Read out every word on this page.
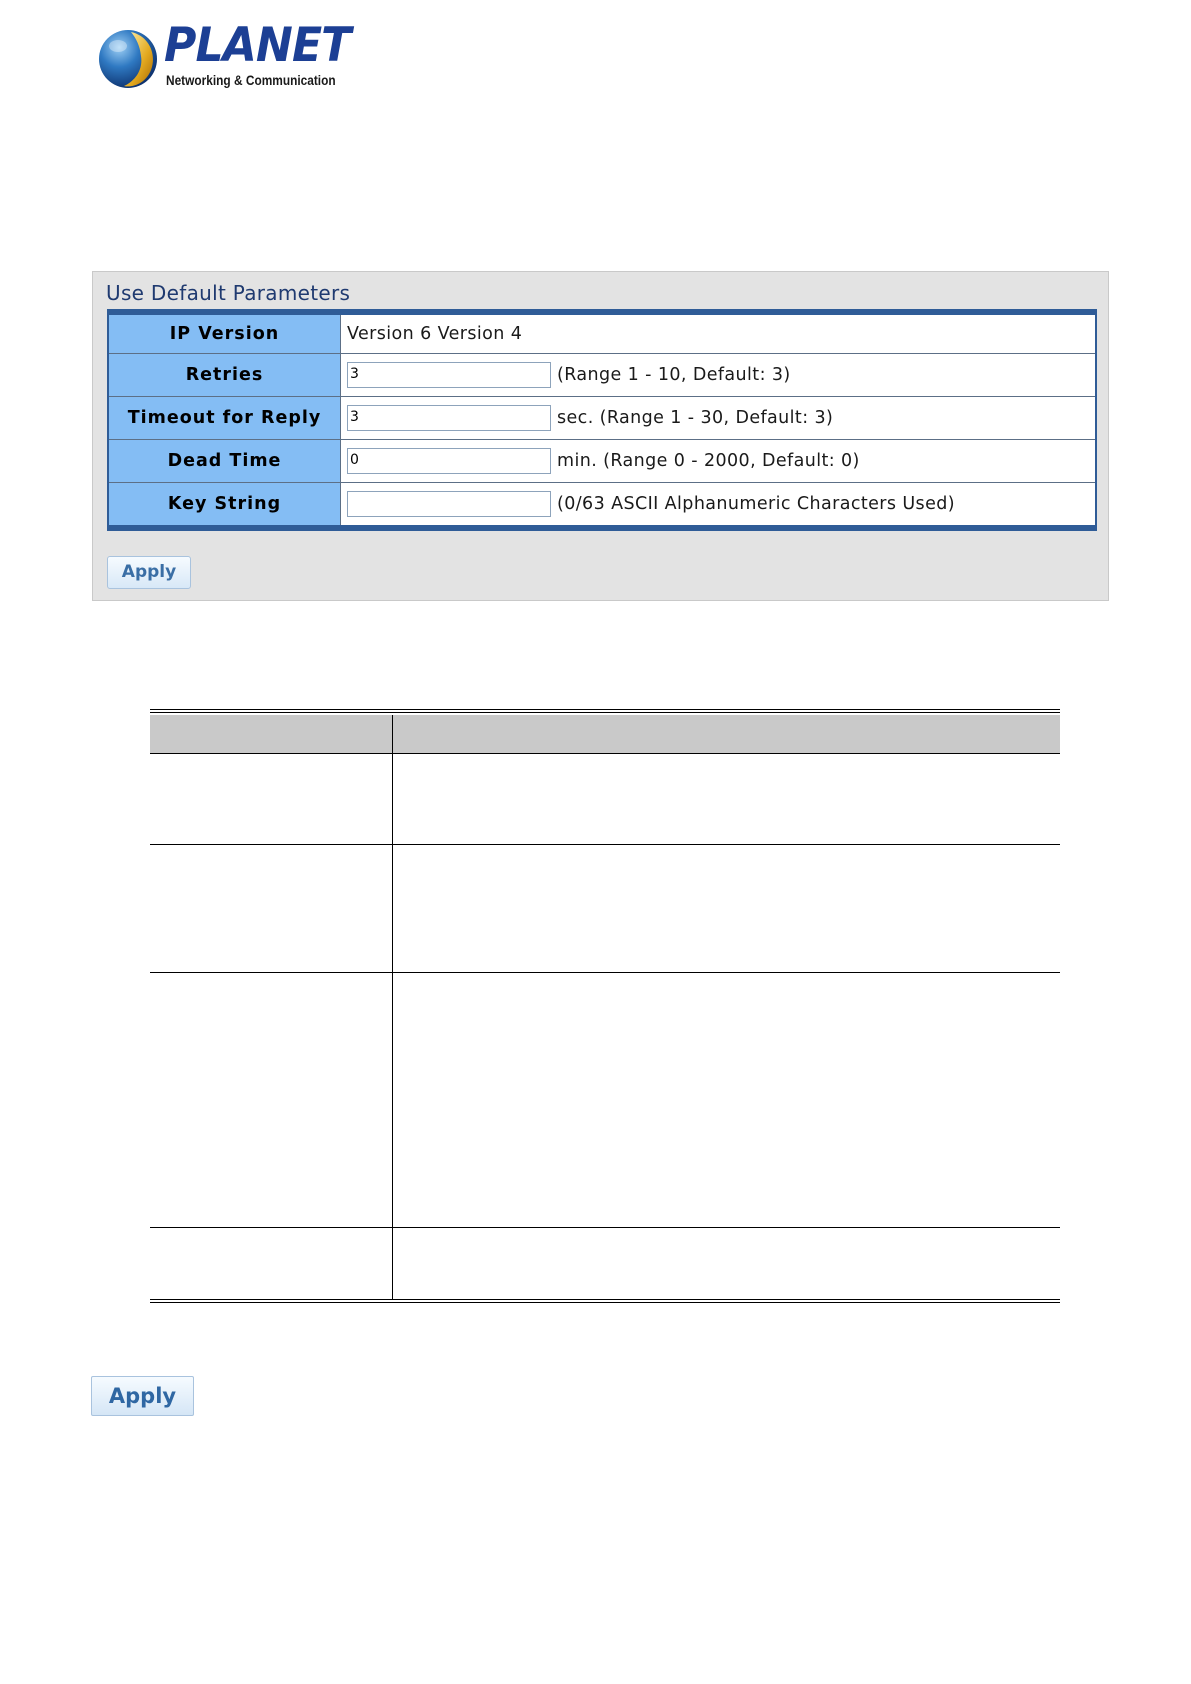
PLANET
Networking & Communication
Use Default Parameters
IP Version	Version 6 Version 4
Retries	3 (Range 1 - 10, Default: 3)
Timeout for Reply	3 sec. (Range 1 - 30, Default: 3)
Dead Time	0 min. (Range 0 - 2000, Default: 0)
Key String	(0/63 ASCII Alphanumeric Characters Used)
Apply
Apply
